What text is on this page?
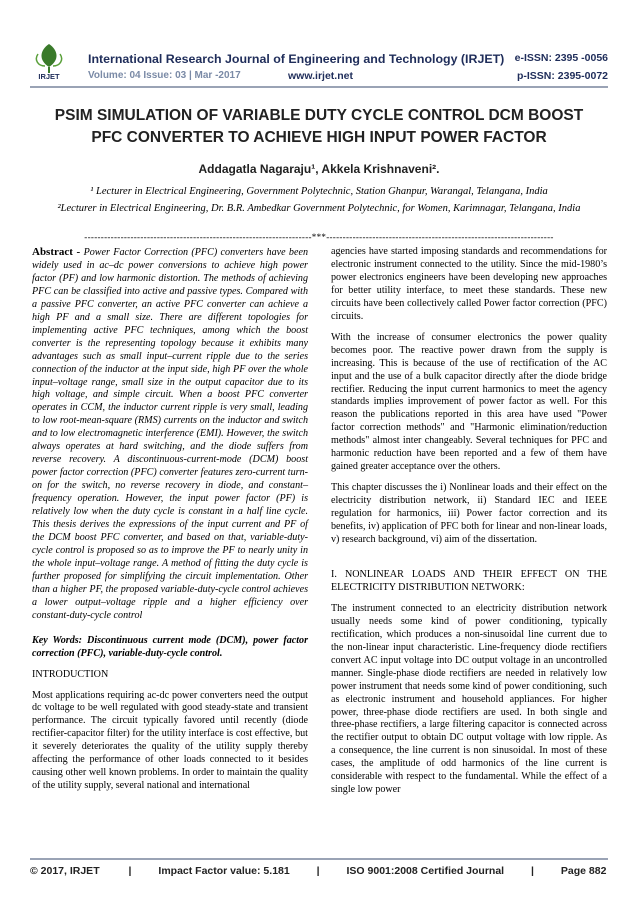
IRJET
International Research Journal of Engineering and Technology (IRJET)
Volume: 04 Issue: 03 | Mar -2017	www.irjet.net
e-ISSN: 2395 -0056
p-ISSN: 2395-0072
PSIM SIMULATION OF VARIABLE DUTY CYCLE CONTROL DCM BOOST
PFC CONVERTER TO ACHIEVE HIGH INPUT POWER FACTOR
Addagatla Nagaraju¹, Akkela Krishnaveni².
¹ Lecturer in Electrical Engineering, Government Polytechnic, Station Ghanpur, Warangal, Telangana, India
²Lecturer in Electrical Engineering, Dr. B.R. Ambedkar Government Polytechnic, for Women, Karimnagar, Telangana, India
---------------------------------------------------------------------***---------------------------------------------------------------------

Abstract - Power Factor Correction (PFC) converters have been widely used in ac–dc power conversions to achieve high power factor (PF) and low harmonic distortion. The methods of achieving PFC can be classified into active and passive types. Compared with a passive PFC converter, an active PFC converter can achieve a high PF and a small size. There are different topologies for implementing active PFC techniques, among which the boost converter is the representing topology because it exhibits many advantages such as small input–current ripple due to the series connection of the inductor at the input side, high PF over the whole input–voltage range, small size in the output capacitor due to its high voltage, and simple circuit. When a boost PFC converter operates in CCM, the inductor current ripple is very small, leading to low root-mean-square (RMS) currents on the inductor and switch and to low electromagnetic interference (EMI). However, the switch always operates at hard switching, and the diode suffers from reverse recovery. A discontinuous-current-mode (DCM) boost power factor correction (PFC) converter features zero-current turn-on for the switch, no reverse recovery in diode, and constant– frequency operation. However, the input power factor (PF) is relatively low when the duty cycle is constant in a half line cycle. This thesis derives the expressions of the input current and PF of the DCM boost PFC converter, and based on that, variable-duty-cycle control is proposed so as to improve the PF to nearly unity in the whole input–voltage range. A method of fitting the duty cycle is further proposed for simplifying the circuit implementation. Other than a higher PF, the proposed variable-duty-cycle control achieves a lower output–voltage ripple and a higher efficiency over constant-duty-cycle control

Key Words: Discontinuous current mode (DCM), power factor correction (PFC), variable-duty-cycle control.

INTRODUCTION

Most applications requiring ac-dc power converters need the output dc voltage to be well regulated with good steady-state and transient performance. The circuit typically favored until recently (diode rectifier-capacitor filter) for the utility interface is cost effective, but it severely deteriorates the quality of the utility supply thereby affecting the performance of other loads connected to it besides causing other well known problems. In order to maintain the quality of the utility supply, several national and international

agencies have started imposing standards and recommendations for electronic instrument connected to the utility. Since the mid-1980’s power electronics engineers have been developing new approaches for better utility interface, to meet these standards. These new circuits have been collectively called Power factor correction (PFC) circuits.

With the increase of consumer electronics the power quality becomes poor. The reactive power drawn from the supply is increasing. This is because of the use of rectification of the AC input and the use of a bulk capacitor directly after the diode bridge rectifier. Reducing the input current harmonics to meet the agency standards implies improvement of power factor as well. For this reason the publications reported in this area have used "Power factor correction methods" and "Harmonic elimination/reduction methods" almost inter changeably. Several techniques for PFC and harmonic reduction have been reported and a few of them have gained greater acceptance over the others.

This chapter discusses the i) Nonlinear loads and their effect on the electricity distribution network, ii) Standard IEC and IEEE regulation for harmonics, iii) Power factor correction and its benefits, iv) application of PFC both for linear and non-linear loads, v) research background, vi) aim of the dissertation.

I. NONLINEAR LOADS AND THEIR EFFECT ON THE ELECTRICITY DISTRIBUTION NETWORK:

The instrument connected to an electricity distribution network usually needs some kind of power conditioning, typically rectification, which produces a non-sinusoidal line current due to the non-linear input characteristic. Line-frequency diode rectifiers convert AC input voltage into DC output voltage in an uncontrolled manner. Single-phase diode rectifiers are needed in relatively low power instrument that needs some kind of power conditioning, such as electronic instrument and household appliances. For higher power, three-phase diode rectifiers are used. In both single and three-phase rectifiers, a large filtering capacitor is connected across the rectifier output to obtain DC output voltage with low ripple. As a consequence, the line current is non sinusoidal. In most of these cases, the amplitude of odd harmonics of the line current is considerable with respect to the fundamental. While the effect of a single low power

© 2017, IRJET	|	Impact Factor value: 5.181	|	ISO 9001:2008 Certified Journal	|	Page 882
